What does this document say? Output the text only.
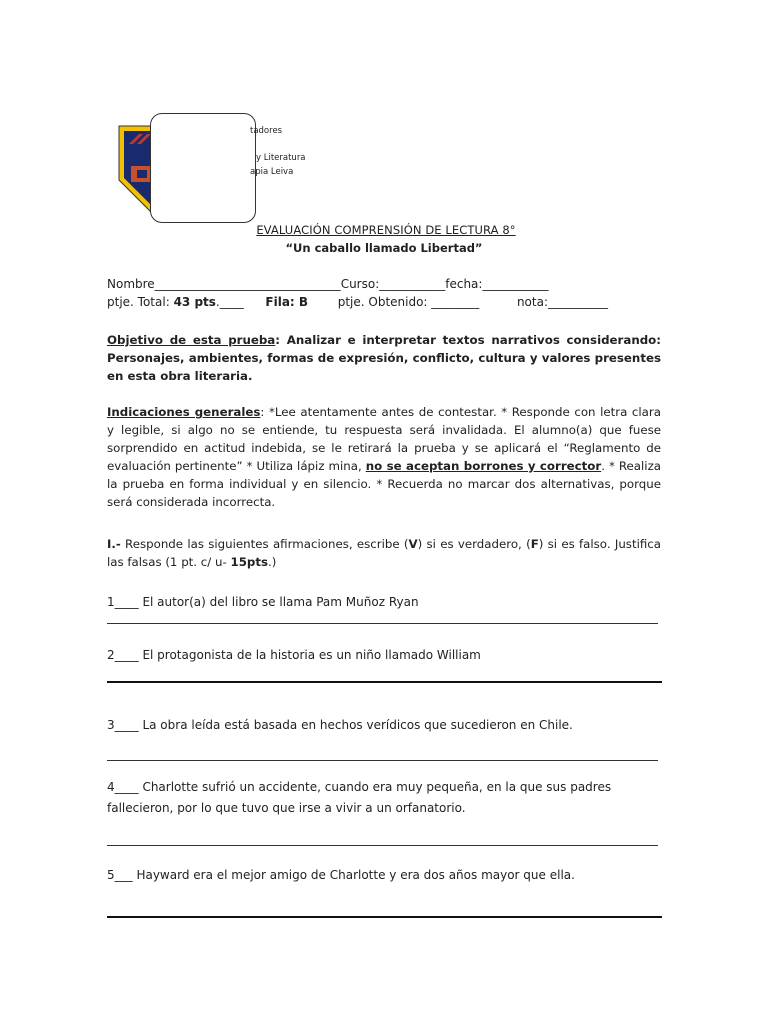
tadores
y Literatura
apia Leiva
EVALUACIÓN COMPRENSIÓN DE LECTURA 8°
“Un caballo llamado Libertad”
Nombre_______________________________Curso:___________fecha:___________
ptje. Total: 43 pts.____ Fila: B ptje. Obtenido: ________	nota:__________
Objetivo de esta prueba: Analizar e interpretar textos narrativos considerando: Personajes, ambientes, formas de expresión, conflicto, cultura y valores presentes en esta obra literaria.
Indicaciones generales: *Lee atentamente antes de contestar. * Responde con letra clara y legible, si algo no se entiende, tu respuesta será invalidada. El alumno(a) que fuese sorprendido en actitud indebida, se le retirará la prueba y se aplicará el “Reglamento de evaluación pertinente” * Utiliza lápiz mina, no se aceptan borrones y corrector. * Realiza la prueba en forma individual y en silencio. * Recuerda no marcar dos alternativas, porque será considerada incorrecta.
I.- Responde las siguientes afirmaciones, escribe (V) si es verdadero, (F) si es falso. Justifica las falsas (1 pt. c/ u- 15pts.)
1____ El autor(a) del libro se llama Pam Muñoz Ryan
2____ El protagonista de la historia es un niño llamado William
3____ La obra leída está basada en hechos verídicos que sucedieron en Chile.
4____ Charlotte sufrió un accidente, cuando era muy pequeña, en la que sus padres
fallecieron, por lo que tuvo que irse a vivir a un orfanatorio.
5___ Hayward era el mejor amigo de Charlotte y era dos años mayor que ella.
